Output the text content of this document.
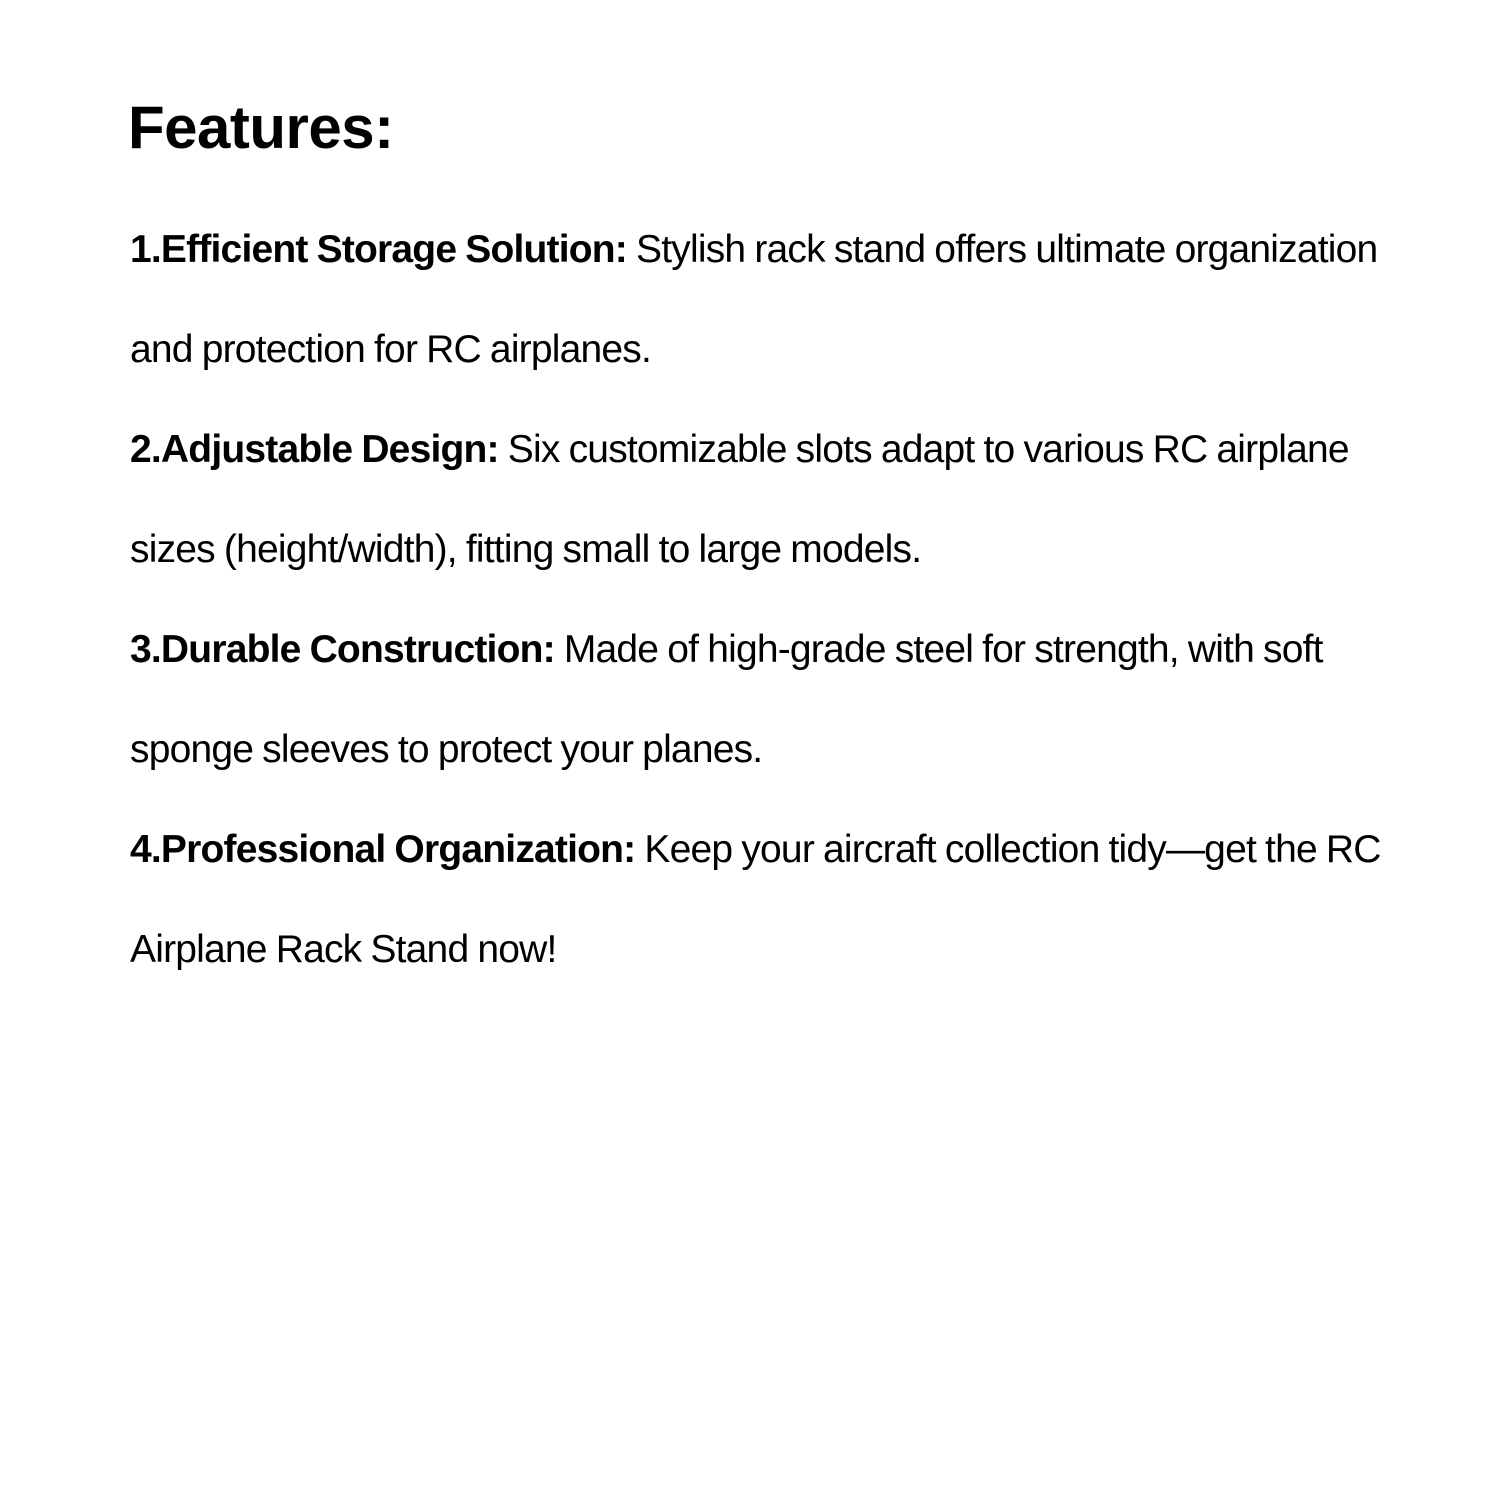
Features:
1.Efficient Storage Solution: Stylish rack stand offers ultimate organization and protection for RC airplanes.
2.Adjustable Design: Six customizable slots adapt to various RC airplane sizes (height/width), fitting small to large models.
3.Durable Construction: Made of high-grade steel for strength, with soft sponge sleeves to protect your planes.
4.Professional Organization: Keep your aircraft collection tidy—get the RC Airplane Rack Stand now!
